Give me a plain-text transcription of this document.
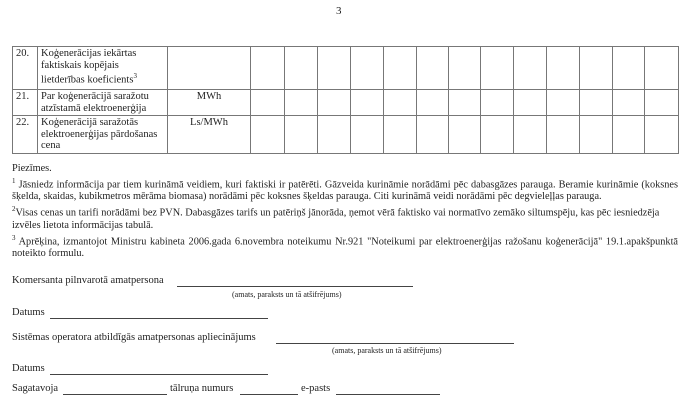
3
20.	Koģenerācijas iekārtas faktiskais kopējais lietderības koeficients$^3$														
21.	Par koģenerācijā saražotu atzīstamā elektroenerģija	MWh													
22.	Koģenerācijā saražotās elektroenerģijas pārdošanas cena	Ls/MWh													

Piezīmes.

$^1$ Jāsniedz informācija par tiem kurināmā veidiem, kuri faktiski ir patērēti. Gāzveida kurināmie norādāmi pēc dabasgāzes parauga. Beramie kurināmie (koksnes šķelda, skaidas, kubikmetros mērāma biomasa) norādāmi pēc koksnes šķeldas parauga. Citi kurināmā veidi norādāmi pēc degvieleļļas parauga.

$^2$Visas cenas un tarifi norādāmi bez PVN. Dabasgāzes tarifs un patēriņš jānorāda, ņemot vērā faktisko vai normatīvo zemāko siltumspēju, kas pēc iesniedzēja izvēles lietota informācijas tabulā.

$^3$ Aprēķina, izmantojot Ministru kabineta 2006.gada 6.novembra noteikumu Nr.921 "Noteikumi par elektroenerģijas ražošanu koģenerācijā" 19.1.apakšpunktā noteikto formulu.

Komersanta pilnvarotā amatpersona
(amats, paraksts un tā atšifrējums)
Datums
Sistēmas operatora atbildīgās amatpersonas apliecinājums
(amats, paraksts un tā atšifrējums)
Datums
Sagatavoja	tālruņa numurs	e-pasts
